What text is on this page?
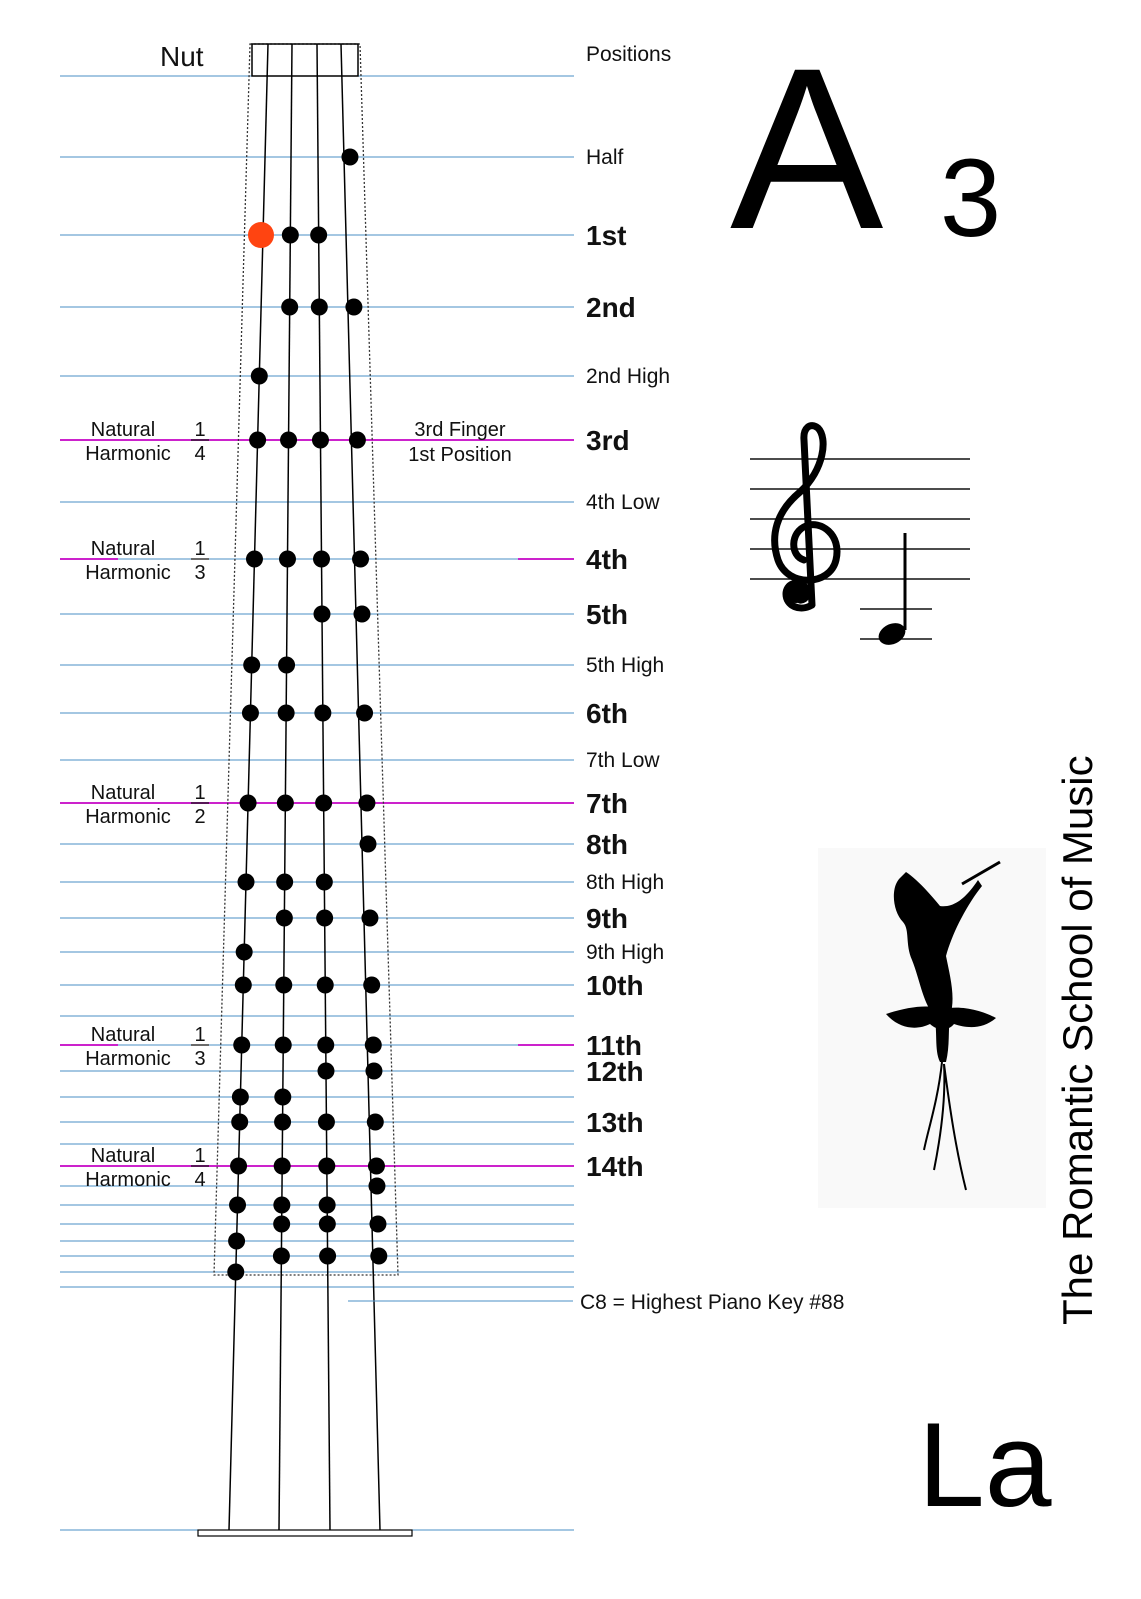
Nut	Positions
Half
1st
2nd
2nd High
3rd
4th Low
4th
5th
5th High
6th
7th Low
7th
8th
8th High
9th
9th High
10th
11th
12th
13th
14th
Natural
Harmonic
1
4
Natural
Harmonic
1
3
Natural
Harmonic
1
2
Natural
Harmonic
1
3
Natural
Harmonic
1
4
3rd Finger
1st Position
C8 = Highest Piano Key #88
A 3
The Romantic School of Music
La
